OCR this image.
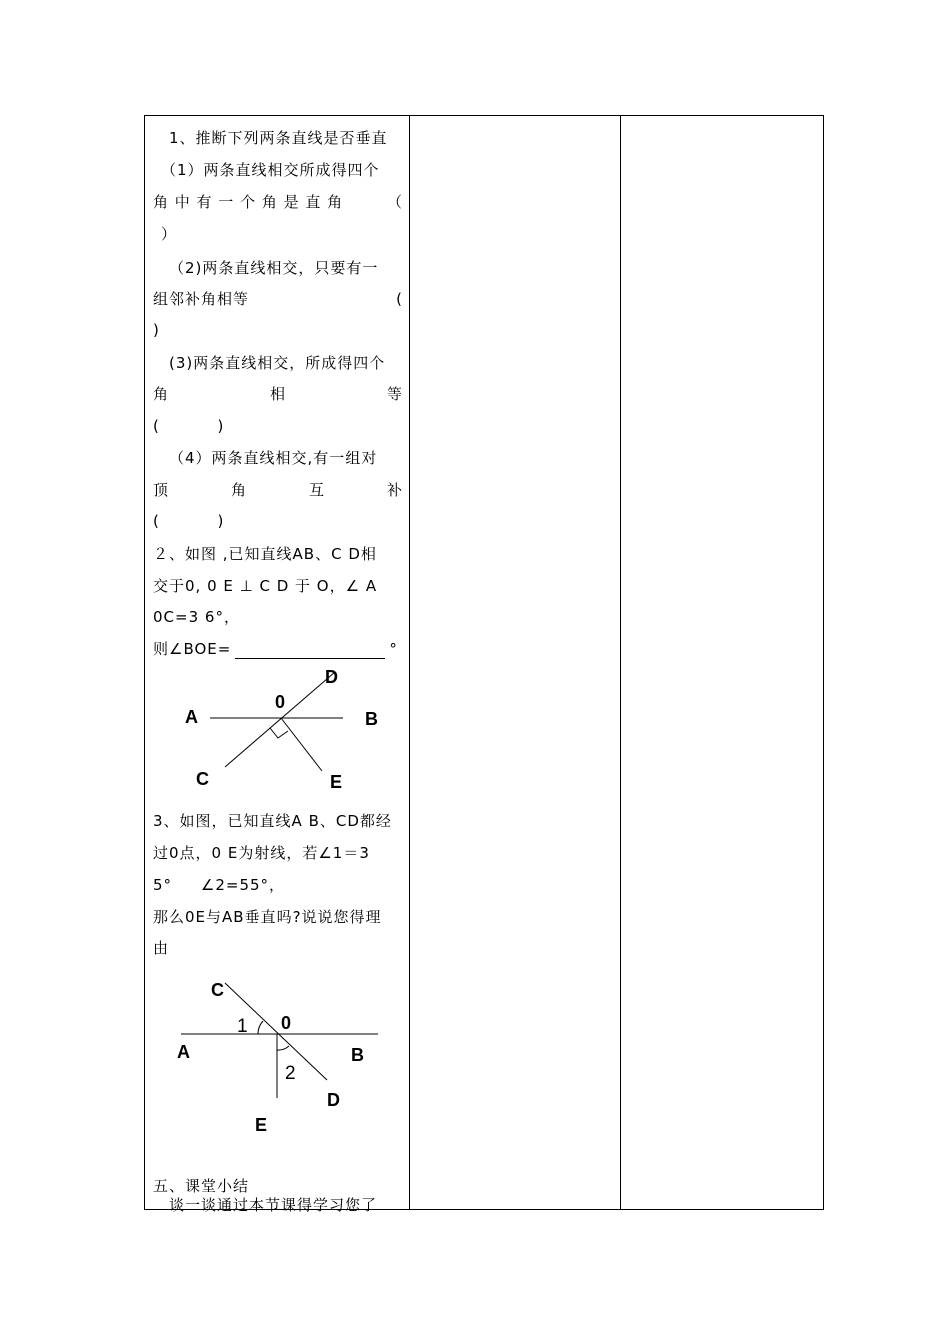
1、推断下列两条直线是否垂直
（1）两条直线相交所成得四个
角 中 有 一 个 角 是 直 角	（
）
（2)两条直线相交，只要有一
组邻补角相等	(
)
(3)两条直线相交，所成得四个
角	相	等
(          )
（4）两条直线相交,有一组对
顶	角	互	补
(          )
２、如图 ,已知直线AB、C D相
交于0, 0 E ⊥ C D 于 O，∠ A
0C=3 6°，
则∠BOE=	°
A	B
C
D
E
0
3、如图，已知直线A B、CD都经
过0点，0 E为射线，若∠1＝3
5°     ∠2=55°，
那么0E与AB垂直吗?说说您得理
由
五、课堂小结
谈一谈通过本节课得学习您了
C
1 0
A	B
2
D
E
